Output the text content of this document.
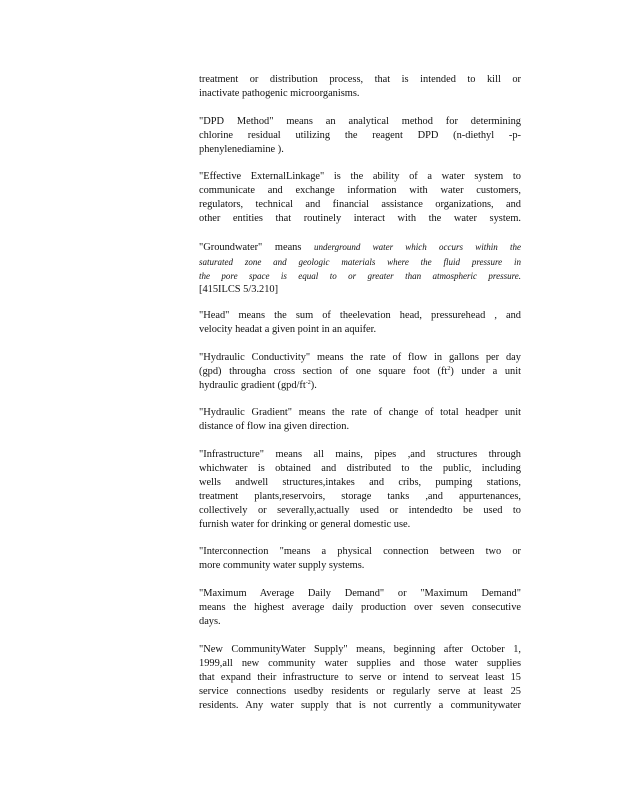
treatment or distribution process, that is intended to kill or
inactivate pathogenic microorganisms.
"DPD Method" means an analytical method for determining
chlorine residual utilizing the reagent DPD (n-diethyl -p-
phenylenediamine ).
"Effective ExternalLinkage" is the ability of a water system to
communicate and exchange information with water customers,
regulators, technical and financial assistance organizations, and
other entities that routinely interact with the water system.
"Groundwater" means underground water which occurs within the
saturated zone and geologic materials where the fluid pressure in
the pore space is equal to or greater than atmospheric pressure.
[415ILCS 5/3.210]
"Head" means the sum of theelevation head, pressurehead , and
velocity headat a given point in an aquifer.
"Hydraulic Conductivity" means the rate of flow in gallons per day
(gpd) througha cross section of one square foot $(ft^2)$ under a unit
hydraulic gradient $(gpd/ft^{-2})$.
"Hydraulic Gradient" means the rate of change of total headper unit
distance of flow ina given direction.
"Infrastructure" means all mains, pipes ,and structures through
whichwater is obtained and distributed to the public, including
wells andwell structures,intakes and cribs, pumping stations,
treatment plants,reservoirs, storage tanks ,and appurtenances,
collectively or severally,actually used or intendedto be used to
furnish water for drinking or general domestic use.
"Interconnection "means a physical connection between two or
more community water supply systems.
"Maximum Average Daily Demand" or "Maximum Demand"
means the highest average daily production over seven consecutive
days.
"New CommunityWater Supply" means, beginning after October 1,
1999,all new community water supplies and those water supplies
that expand their infrastructure to serve or intend to serveat least 15
service connections usedby residents or regularly serve at least 25
residents. Any water supply that is not currently a communitywater
